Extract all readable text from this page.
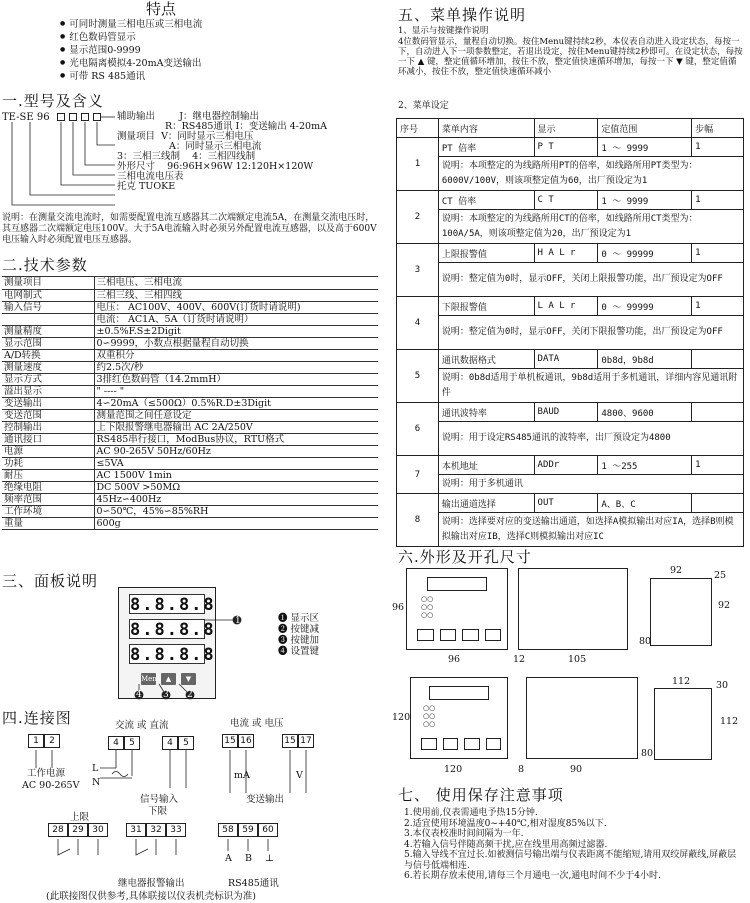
特点
● 可同时测量三相电压或三相电流
● 红色数码管显示
● 显示范围0-9999
● 光电隔离模拟4-20mA变送输出
● 可带 RS 485通讯
一.型号及含义
TE-SE 96	辅助输出	J：继电器控制输出
R：RS485通讯 I：变送输出 4-20mA
测量项目 V：同时显示三相电压
A：同时显示三相电流
3：三相三线制 4：三相四线制
外形尺寸 96:96H×96W 12:120H×120W
三相电流电压表
托克 TUOKE
说明：在测量交流电流时，如需要配置电流互感器其二次端额定电流5A，在测量交流电压时，其互感器二次端额定电压100V。大于5A电流输入时必须另外配置电流互感器，以及高于600V电压输入时必须配置电压互感器。
二.技术参数
测量项目	三相电压、三相电流
电网制式	三相三线、三相四线
输入信号	电压： AC100V、400V、600V(订货时请说明)
	电流： AC1A、5A（订货时请说明）
测量精度	±0.5%F.S±2Digit
显示范围	0∽9999，小数点根据量程自动切换
A/D转换	双重积分
测量速度	约2.5次/秒
显示方式	3排红色数码管（14.2mmH）
溢出显示	" ---- "
变送输出	4∽20mA（≤500Ω）0.5%R.D±3Digit
变送范围	测量范围之间任意设定
控制输出	上下限报警继电器输出 AC 2A/250V
通讯接口	RS485串行接口，ModBus协议，RTU格式
电源	AC 90-265V 50Hz/60Hz
功耗	≤5VA
耐压	AC 1500V 1min
绝缘电阻	DC 500V >50MΩ
频率范围	45Hz∽400Hz
工作环境	0∽50℃，45%∽85%RH
重量	600g
三、面板说明
8.8.8.8
8.8.8.8
8.8.8.8
Menu ▲	▼
1
4 3 2
❶ 显示区
❷ 按键减
❸ 按键加
❹ 设置键
四.连接图	交流 或 直流	电流 或 电压
1	2	4	5	4	5	15 16	15 17
L
N
mA	V
工作电源
AC 90-265V
信号输入	变送输出
上限
下限
28 29 30	31 32 33	58 59 60
A B ⊥
继电器报警输出	RS485通讯
(此联接图仅供参考,具体联接以仪表机壳标识为准)
五、菜单操作说明
1、显示与按键操作说明
4位数码管显示，量程自动切换。按住Menu键持续2秒，本仪表自动进入设定状态，每按一下，自动进入下一项参数整定，若退出设定，按住Menu键持续2秒即可。在设定状态，每按一下 ▲ 键，整定值循环增加，按住不放，整定值快速循环增加，每按一下 ▼ 键，整定值循环减小，按住不放，整定值快速循环减小
2、菜单设定
序号	菜单内容	显示	定值范围	步幅
1	PT 倍率	P T	1 ～ 9999	1
	说明：本项整定的为线路所用PT的倍率，如线路所用PT类型为：6000V/100V，则该项整定值为60，出厂预设定为1			
2	CT 倍率	C T	1 ～ 9999	1
	说明：本项整定的为线路所用CT的倍率，如线路所用CT类型为：100A/5A，则该项整定值为20，出厂预设定为1			
3	上限报警值	H A L r	0 ～ 99999	1
	说明：整定值为0时，显示OFF，关闭上限报警功能，出厂预设定为OFF			
4	下限报警值	L A L r	0 ～ 99999	1
	说明：整定值为0时，显示OFF，关闭下限报警功能，出厂预设定为OFF			
5	通讯数据格式	DATA	0b8d，9b8d	
	说明：0b8d适用于单机板通讯，9b8d适用于多机通讯，详细内容见通讯附件			
6	通讯波特率	BAUD	4800、9600	
	说明：用于设定RS485通讯的波特率，出厂预设定为4800			
7	本机地址	ADDr	1 ～255	1
	说明：用于多机通讯			
8	输出通道选择	OUT	A、B、C	
	说明：选择要对应的变送输出通道，如选择A模拟输出对应IA，选择B则模拟输出对应IB，选择C则模拟输出对应IC			
六.外形及开孔尺寸
○○
○○
○○
96
96	12	105
92	25
92
80
○○
○○
○○
120
120	8	90
112	30
112
80
七、 使用保存注意事项
1.使用前,仪表需通电予热15分钟.
2.适宜使用环境温度0~+40℃,相对湿度85%以下.
3.本仪表校准时间间隔为一年.
4.若输入信号伴随高频干扰,应在线里用高频过滤器.
5.输入导线不宜过长.如被测信号输出端与仪表距离不能缩短,请用双绞屏蔽线,屏蔽层与信号低端相连.
6.若长期存放未使用,请每三个月通电一次,通电时间不少于4小时.
